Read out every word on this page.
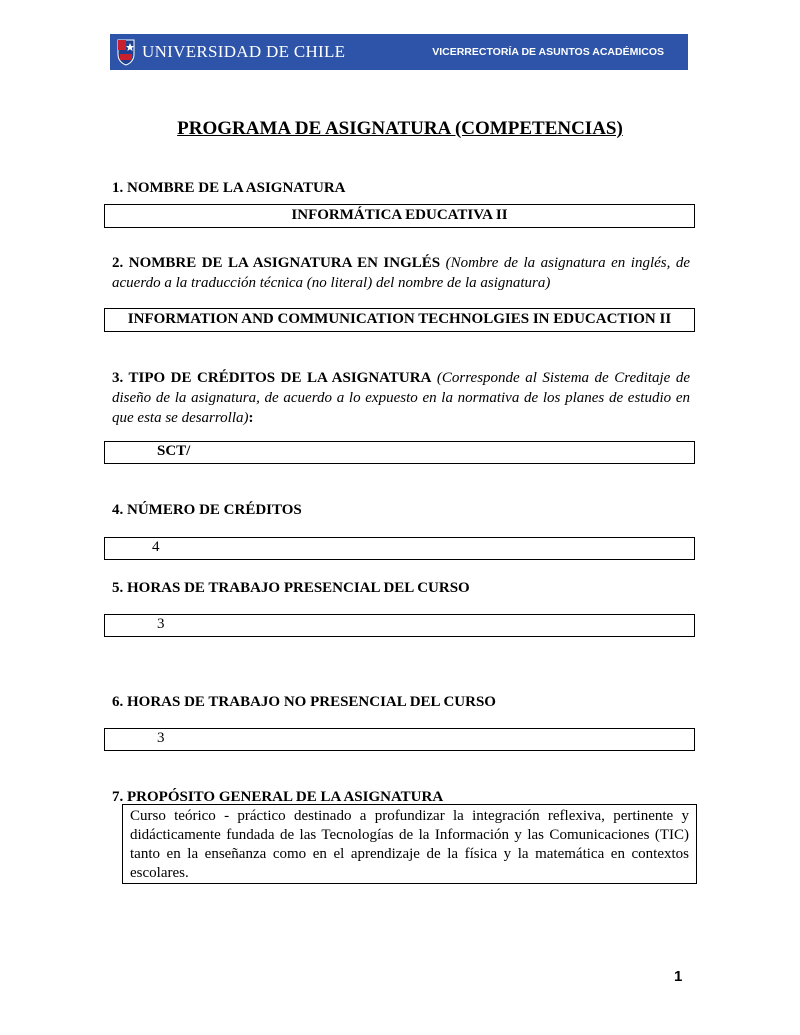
UNIVERSIDAD DE CHILE	VICERRECTORÍA DE ASUNTOS ACADÉMICOS
PROGRAMA DE ASIGNATURA (COMPETENCIAS)
1. NOMBRE DE LA ASIGNATURA
INFORMÁTICA EDUCATIVA II
2. NOMBRE DE LA ASIGNATURA EN INGLÉS (Nombre de la asignatura en inglés, de acuerdo a la traducción técnica (no literal) del nombre de la asignatura)
INFORMATION AND COMMUNICATION TECHNOLGIES IN EDUCACTION II
3. TIPO DE CRÉDITOS DE LA ASIGNATURA (Corresponde al Sistema de Creditaje de diseño de la asignatura, de acuerdo a lo expuesto en la normativa de los planes de estudio en que esta se desarrolla):
SCT/
4. NÚMERO DE CRÉDITOS
4
5. HORAS DE TRABAJO PRESENCIAL DEL CURSO
3
6. HORAS DE TRABAJO NO PRESENCIAL DEL CURSO
3
7. PROPÓSITO GENERAL DE LA ASIGNATURA
Curso teórico - práctico destinado a profundizar la integración reflexiva, pertinente y didácticamente fundada de las Tecnologías de la Información y las Comunicaciones (TIC) tanto en la enseñanza como en el aprendizaje de la física y la matemática en contextos escolares.
1
